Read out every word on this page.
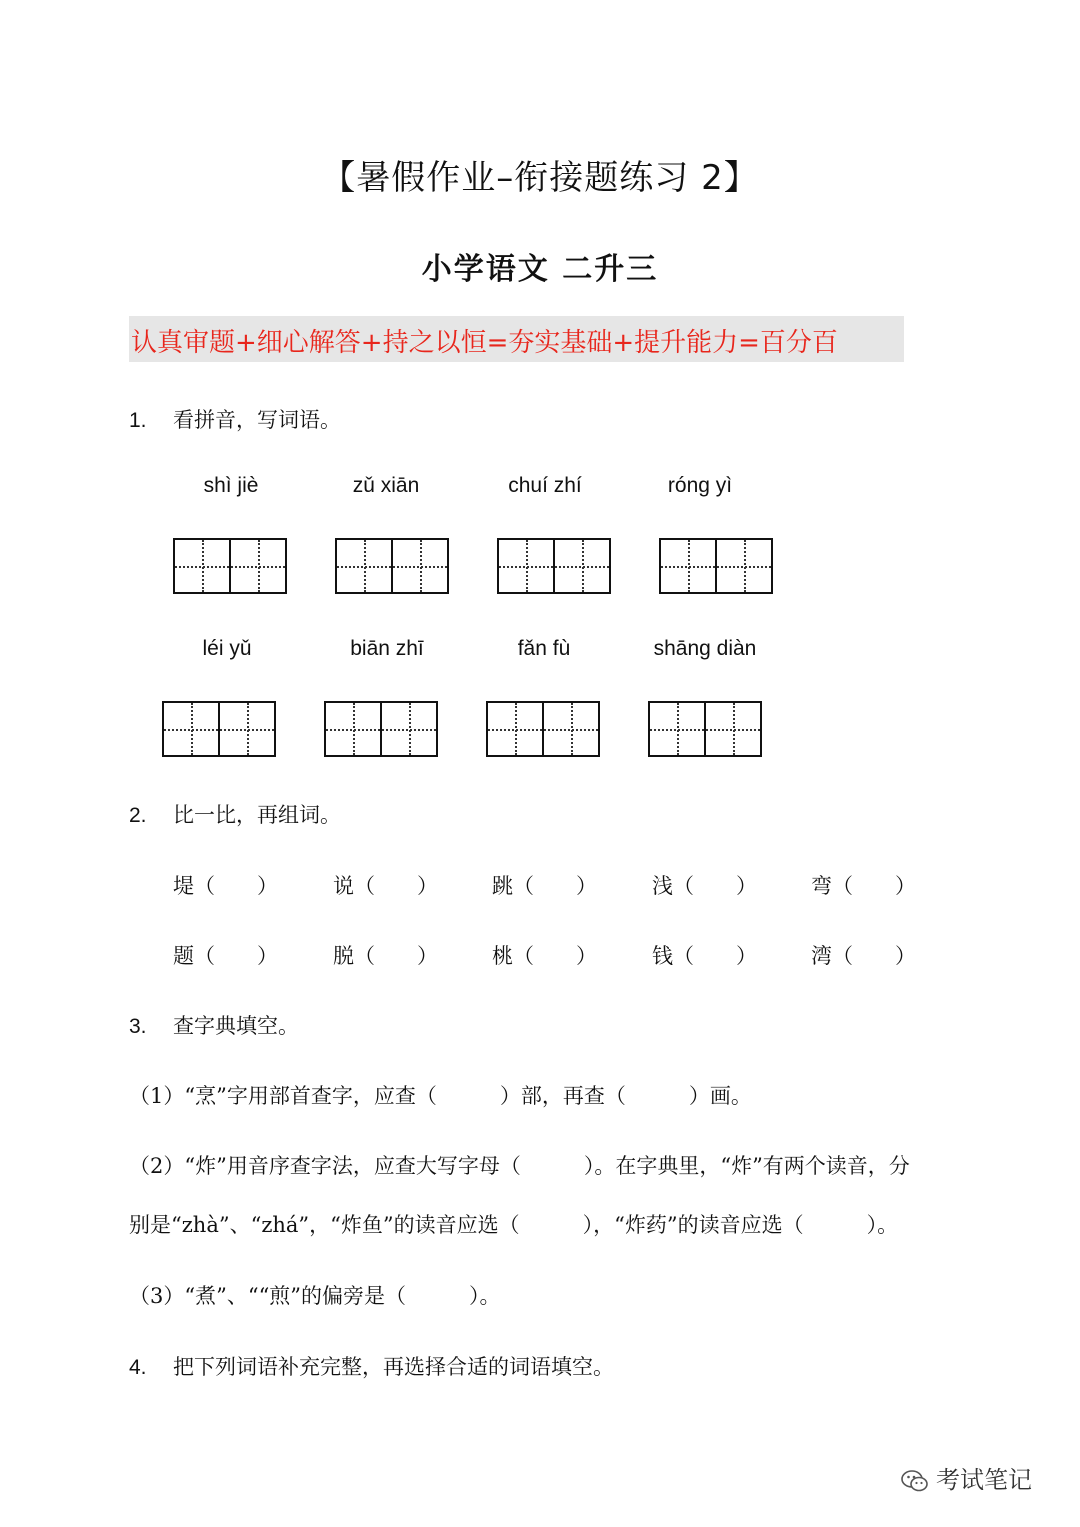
【暑假作业–衔接题练习 2】
小学语文 二升三
认真审题+细心解答+持之以恒=夯实基础+提升能力=百分百
1. 看拼音，写词语。
shì jiè	zǔ xiān	chuí zhí	róng yì
léi yǔ	biān zhī	fǎn fù	shāng diàn
2. 比一比，再组词。
堤（　　）	说（　　）	跳（　　）	浅（　　）	弯（　　）
题（　　）	脱（　　）	桃（　　）	钱（　　）	湾（　　）
3. 查字典填空。
（1）“烹”字用部首查字，应查（　　　）部，再查（　　　）画。
（2）“炸”用音序查字法，应查大写字母（　　　）。在字典里，“炸”有两个读音，分
别是“zhà”、“zhá”，“炸鱼”的读音应选（　　　），“炸药”的读音应选（　　　）。
（3）“煮”、““煎”的偏旁是（　　　）。
4. 把下列词语补充完整，再选择合适的词语填空。
考试笔记
